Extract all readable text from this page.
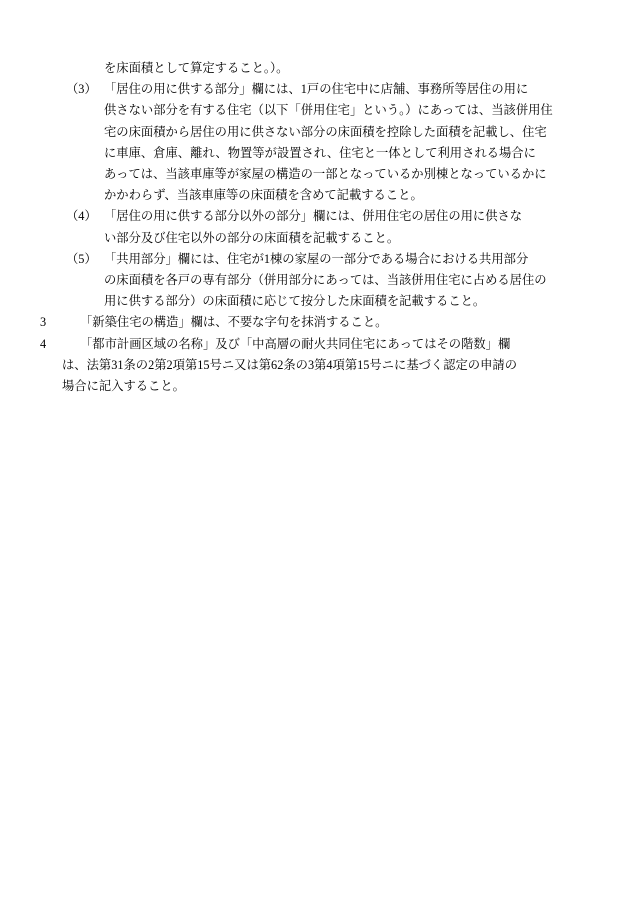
を床面積として算定すること。）。
（3） 「居住の用に供する部分」欄には、1戸の住宅中に店舗、事務所等居住の用に
供さない部分を有する住宅（以下「併用住宅」という。）にあっては、当該併用住
宅の床面積から居住の用に供さない部分の床面積を控除した面積を記載し、住宅
に車庫、倉庫、離れ、物置等が設置され、住宅と一体として利用される場合に
あっては、当該車庫等が家屋の構造の一部となっているか別棟となっているかに
かかわらず、当該車庫等の床面積を含めて記載すること。
（4） 「居住の用に供する部分以外の部分」欄には、併用住宅の居住の用に供さな
い部分及び住宅以外の部分の床面積を記載すること。
（5） 「共用部分」欄には、住宅が1棟の家屋の一部分である場合における共用部分
の床面積を各戸の専有部分（併用部分にあっては、当該併用住宅に占める居住の
用に供する部分）の床面積に応じて按分した床面積を記載すること。
3	「新築住宅の構造」欄は、不要な字句を抹消すること。
4	「都市計画区域の名称」及び「中高層の耐火共同住宅にあってはその階数」欄
は、法第31条の2第2項第15号ニ又は第62条の3第4項第15号ニに基づく認定の申請の
場合に記入すること。
